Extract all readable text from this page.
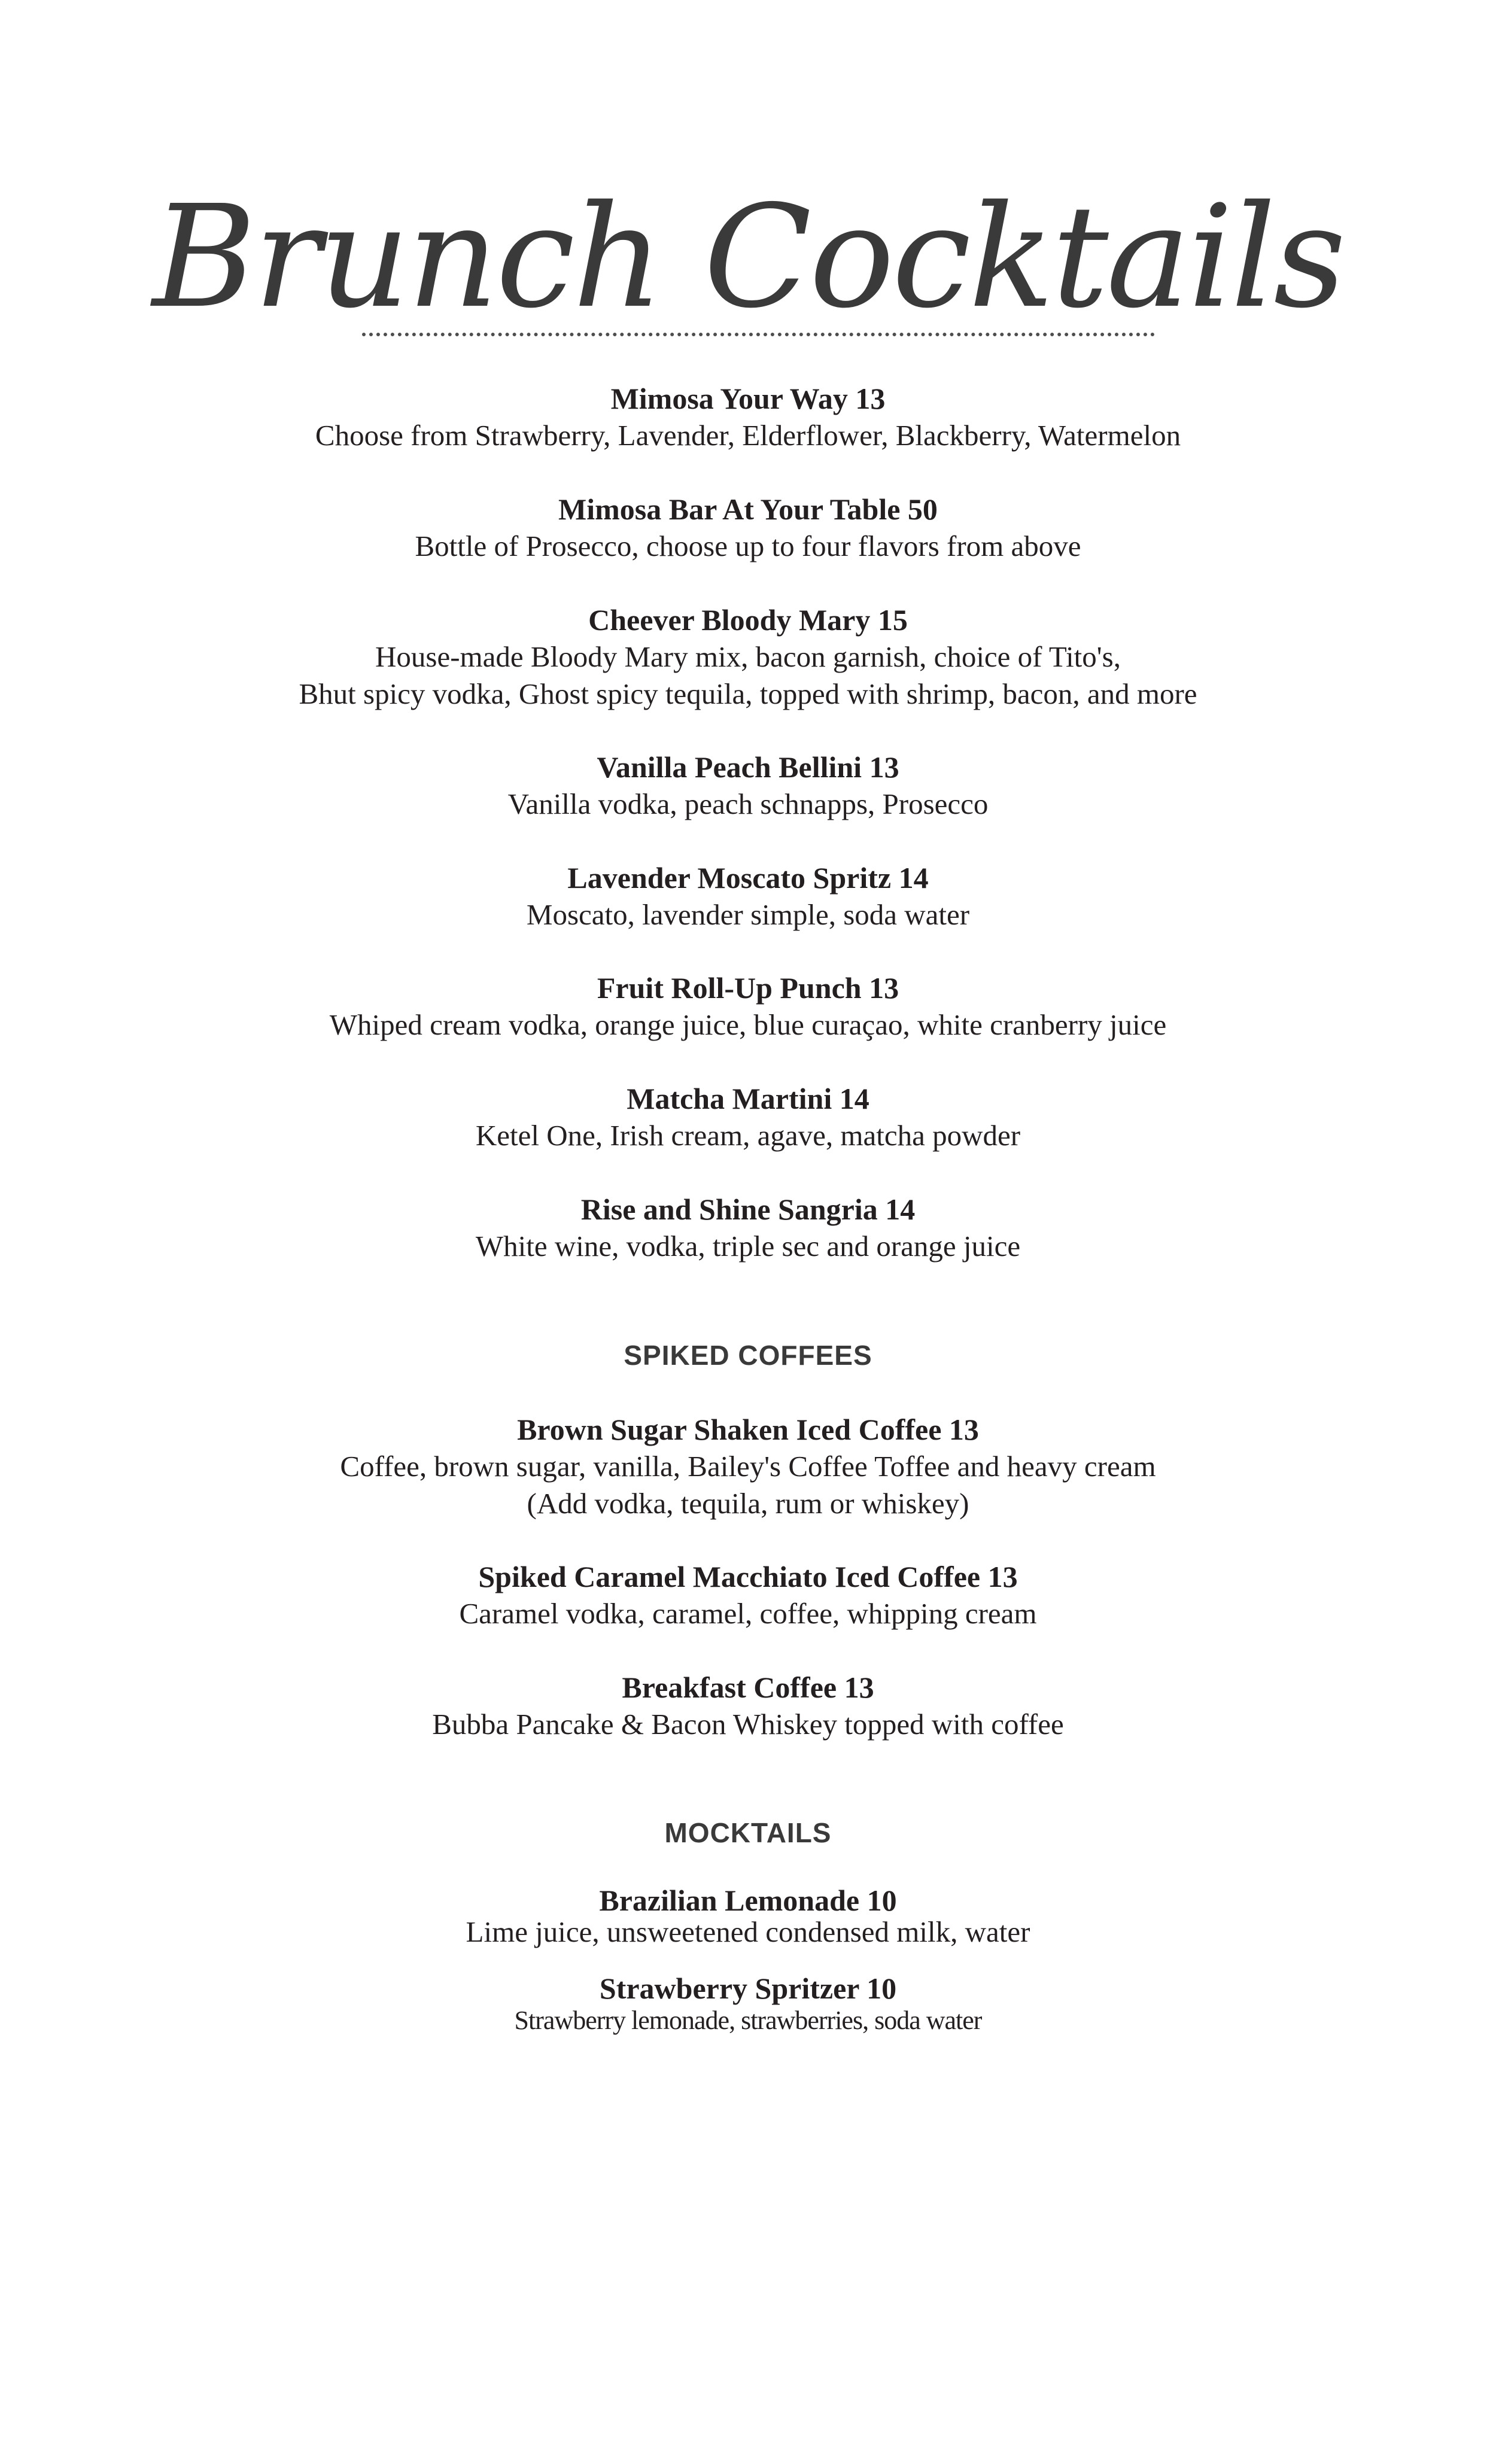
Brunch Cocktails
Mimosa Your Way 13
Choose from Strawberry, Lavender, Elderflower, Blackberry, Watermelon
Mimosa Bar At Your Table 50
Bottle of Prosecco, choose up to four flavors from above
Cheever Bloody Mary 15
House-made Bloody Mary mix, bacon garnish, choice of Tito's,
Bhut spicy vodka, Ghost spicy tequila, topped with shrimp, bacon, and more
Vanilla Peach Bellini 13
Vanilla vodka, peach schnapps, Prosecco
Lavender Moscato Spritz 14
Moscato, lavender simple, soda water
Fruit Roll-Up Punch 13
Whiped cream vodka, orange juice, blue curaçao, white cranberry juice
Matcha Martini 14
Ketel One, Irish cream, agave, matcha powder
Rise and Shine Sangria 14
White wine, vodka, triple sec and orange juice
SPIKED COFFEES
Brown Sugar Shaken Iced Coffee 13
Coffee, brown sugar, vanilla, Bailey's Coffee Toffee and heavy cream
(Add vodka, tequila, rum or whiskey)
Spiked Caramel Macchiato Iced Coffee 13
Caramel vodka, caramel, coffee, whipping cream
Breakfast Coffee 13
Bubba Pancake & Bacon Whiskey topped with coffee
MOCKTAILS
Brazilian Lemonade 10
Lime juice, unsweetened condensed milk, water
Strawberry Spritzer 10
Strawberry lemonade, strawberries, soda water
